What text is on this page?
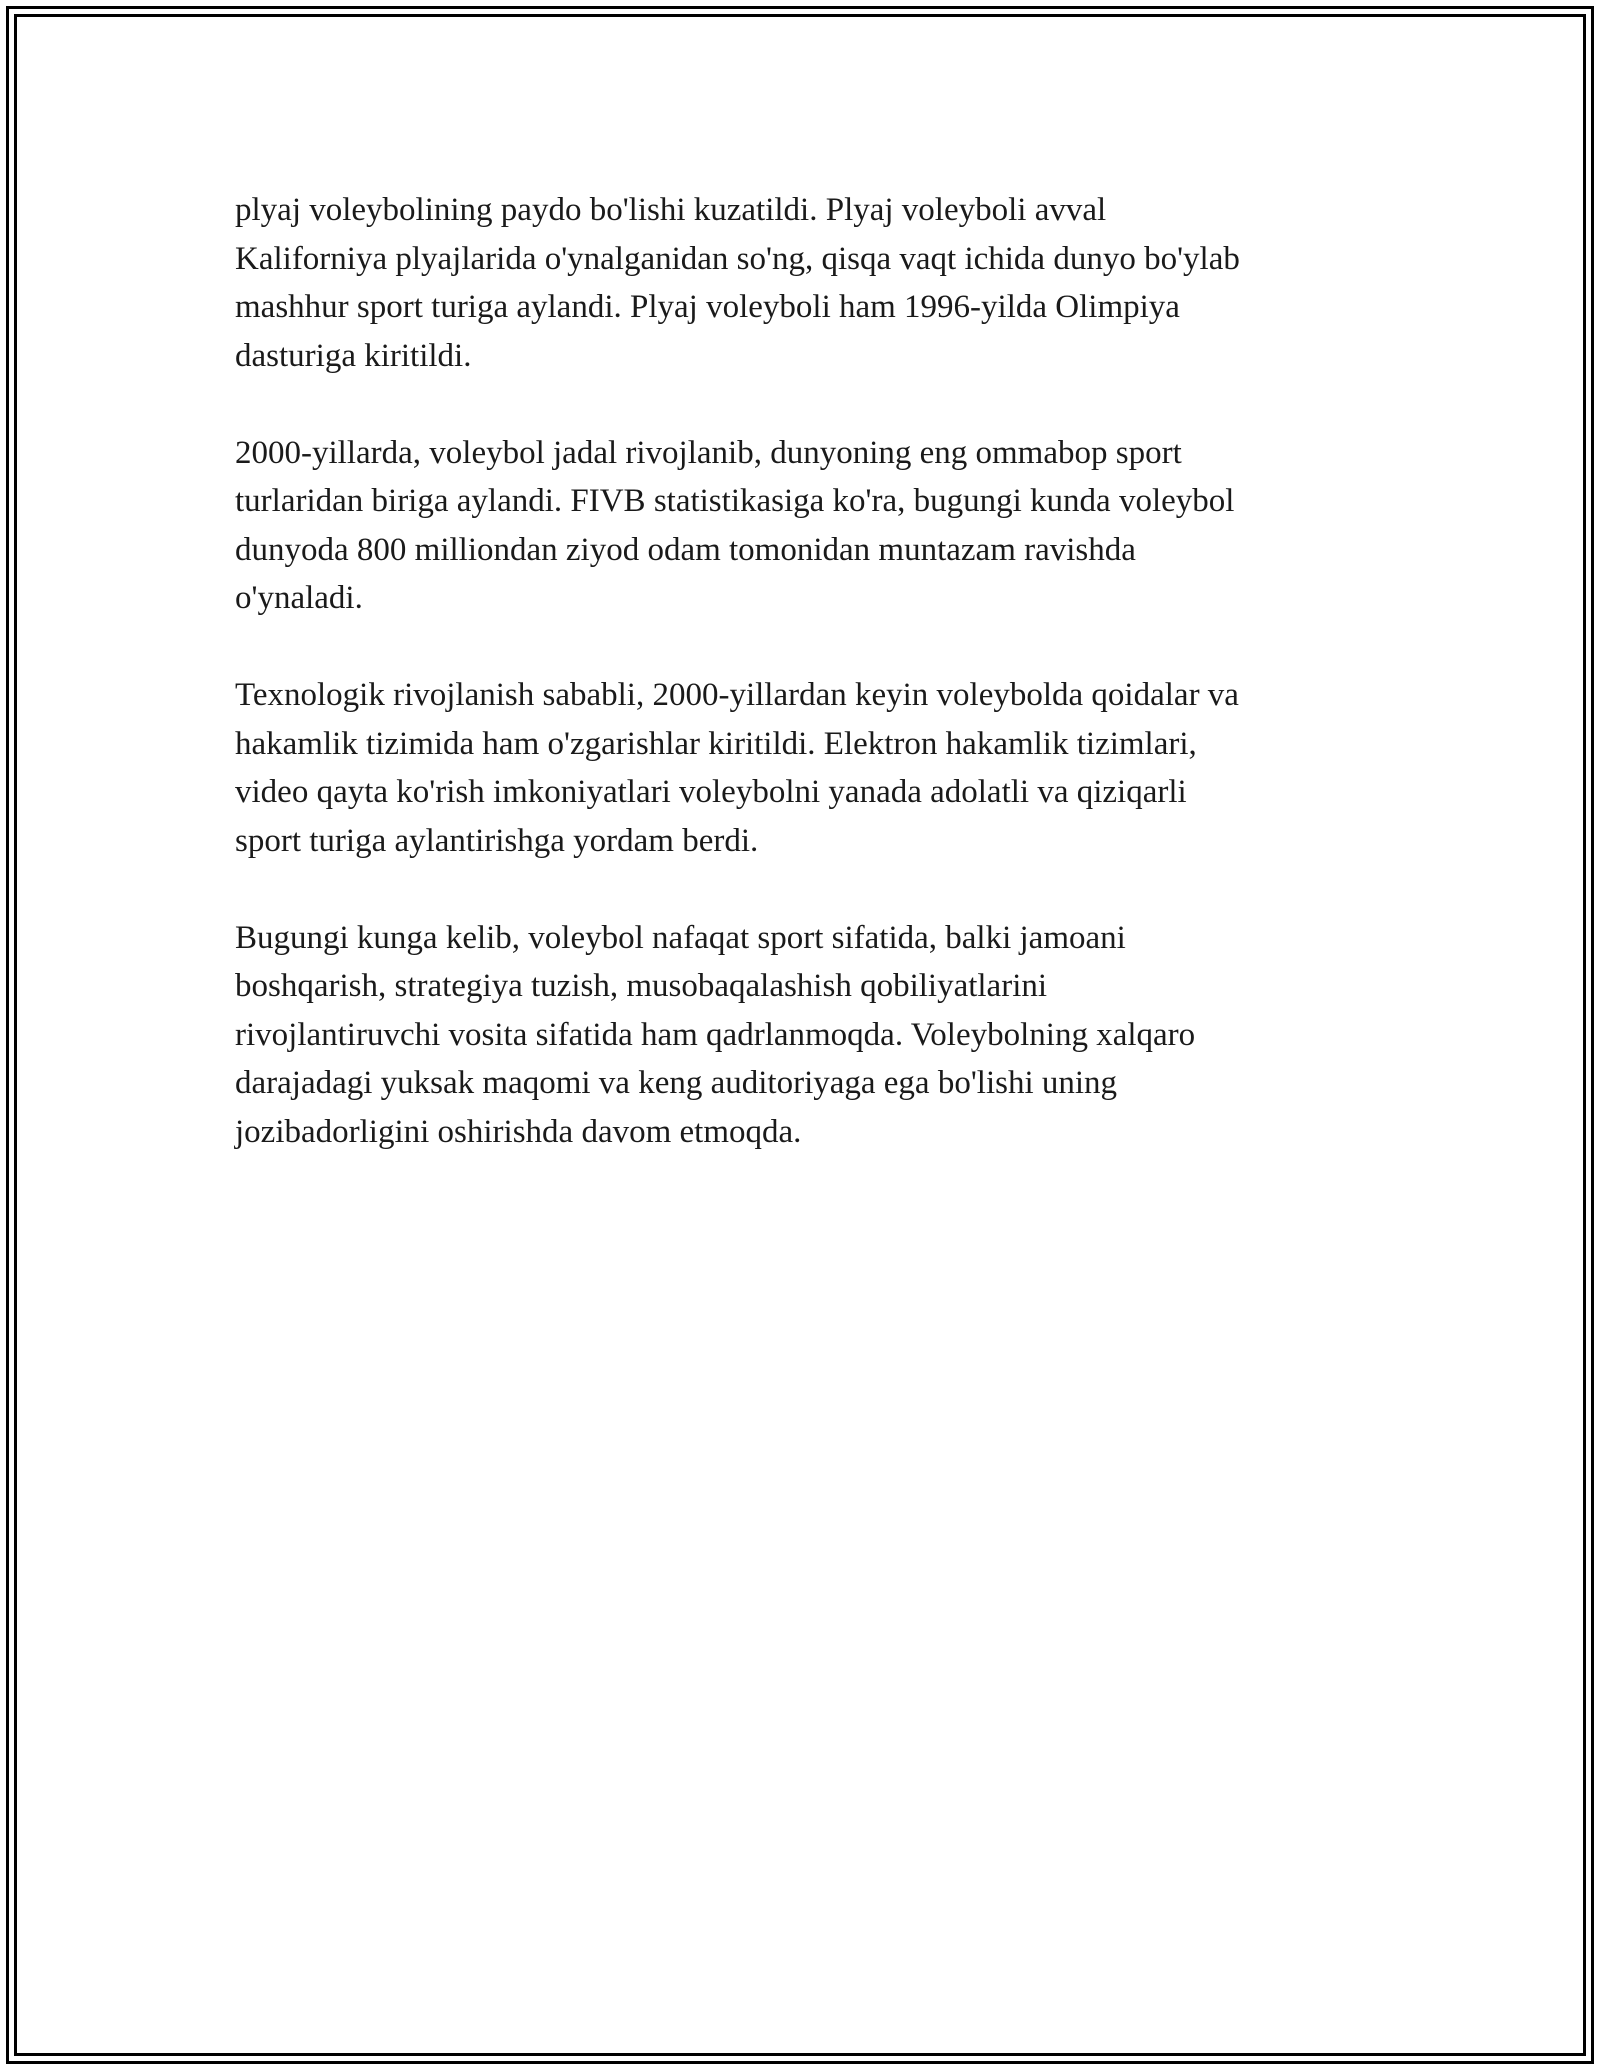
plyaj voleybolining paydo bo'lishi kuzatildi. Plyaj voleyboli avval
Kaliforniya plyajlarida o'ynalganidan so'ng, qisqa vaqt ichida dunyo bo'ylab
mashhur sport turiga aylandi. Plyaj voleyboli ham 1996-yilda Olimpiya
dasturiga kiritildi.

2000-yillarda, voleybol jadal rivojlanib, dunyoning eng ommabop sport
turlaridan biriga aylandi. FIVB statistikasiga ko'ra, bugungi kunda voleybol
dunyoda 800 milliondan ziyod odam tomonidan muntazam ravishda
o'ynaladi.

Texnologik rivojlanish sababli, 2000-yillardan keyin voleybolda qoidalar va
hakamlik tizimida ham o'zgarishlar kiritildi. Elektron hakamlik tizimlari,
video qayta ko'rish imkoniyatlari voleybolni yanada adolatli va qiziqarli
sport turiga aylantirishga yordam berdi.

Bugungi kunga kelib, voleybol nafaqat sport sifatida, balki jamoani
boshqarish, strategiya tuzish, musobaqalashish qobiliyatlarini
rivojlantiruvchi vosita sifatida ham qadrlanmoqda. Voleybolning xalqaro
darajadagi yuksak maqomi va keng auditoriyaga ega bo'lishi uning
jozibadorligini oshirishda davom etmoqda.
